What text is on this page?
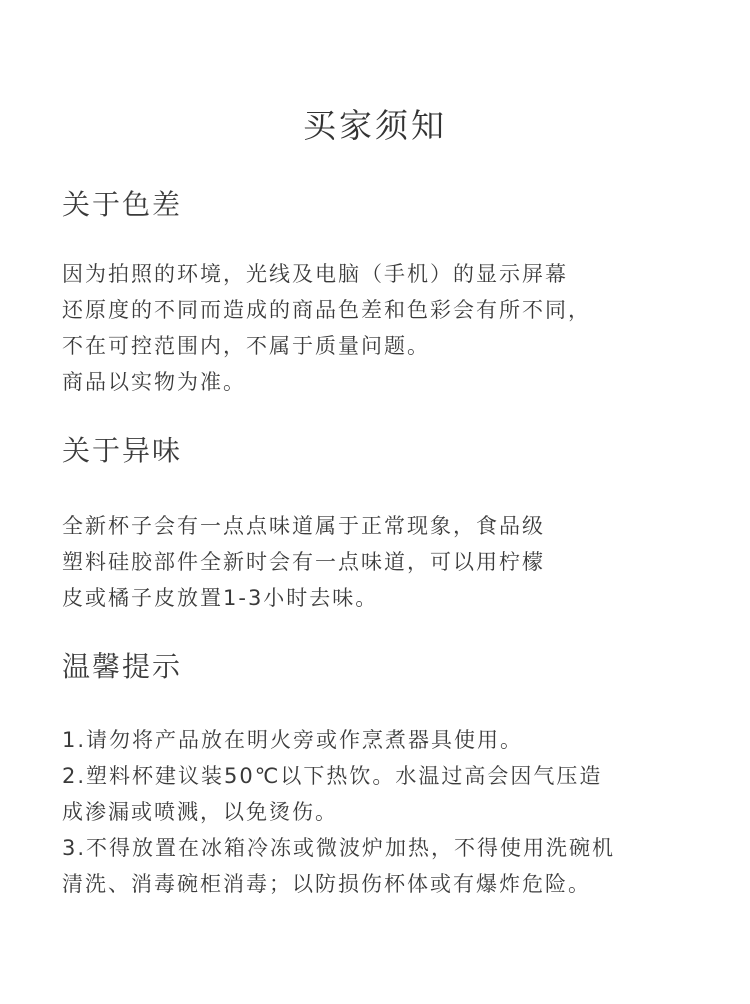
买家须知
关于色差
因为拍照的环境，光线及电脑（手机）的显示屏幕
还原度的不同而造成的商品色差和色彩会有所不同，
不在可控范围内，不属于质量问题。
商品以实物为准。
关于异味
全新杯子会有一点点味道属于正常现象，食品级
塑料硅胶部件全新时会有一点味道，可以用柠檬
皮或橘子皮放置1-3小时去味。
温馨提示
1.请勿将产品放在明火旁或作烹煮器具使用。
2.塑料杯建议装50℃以下热饮。水温过高会因气压造
成渗漏或喷溅，以免烫伤。
3.不得放置在冰箱冷冻或微波炉加热，不得使用洗碗机
清洗、消毒碗柜消毒；以防损伤杯体或有爆炸危险。
